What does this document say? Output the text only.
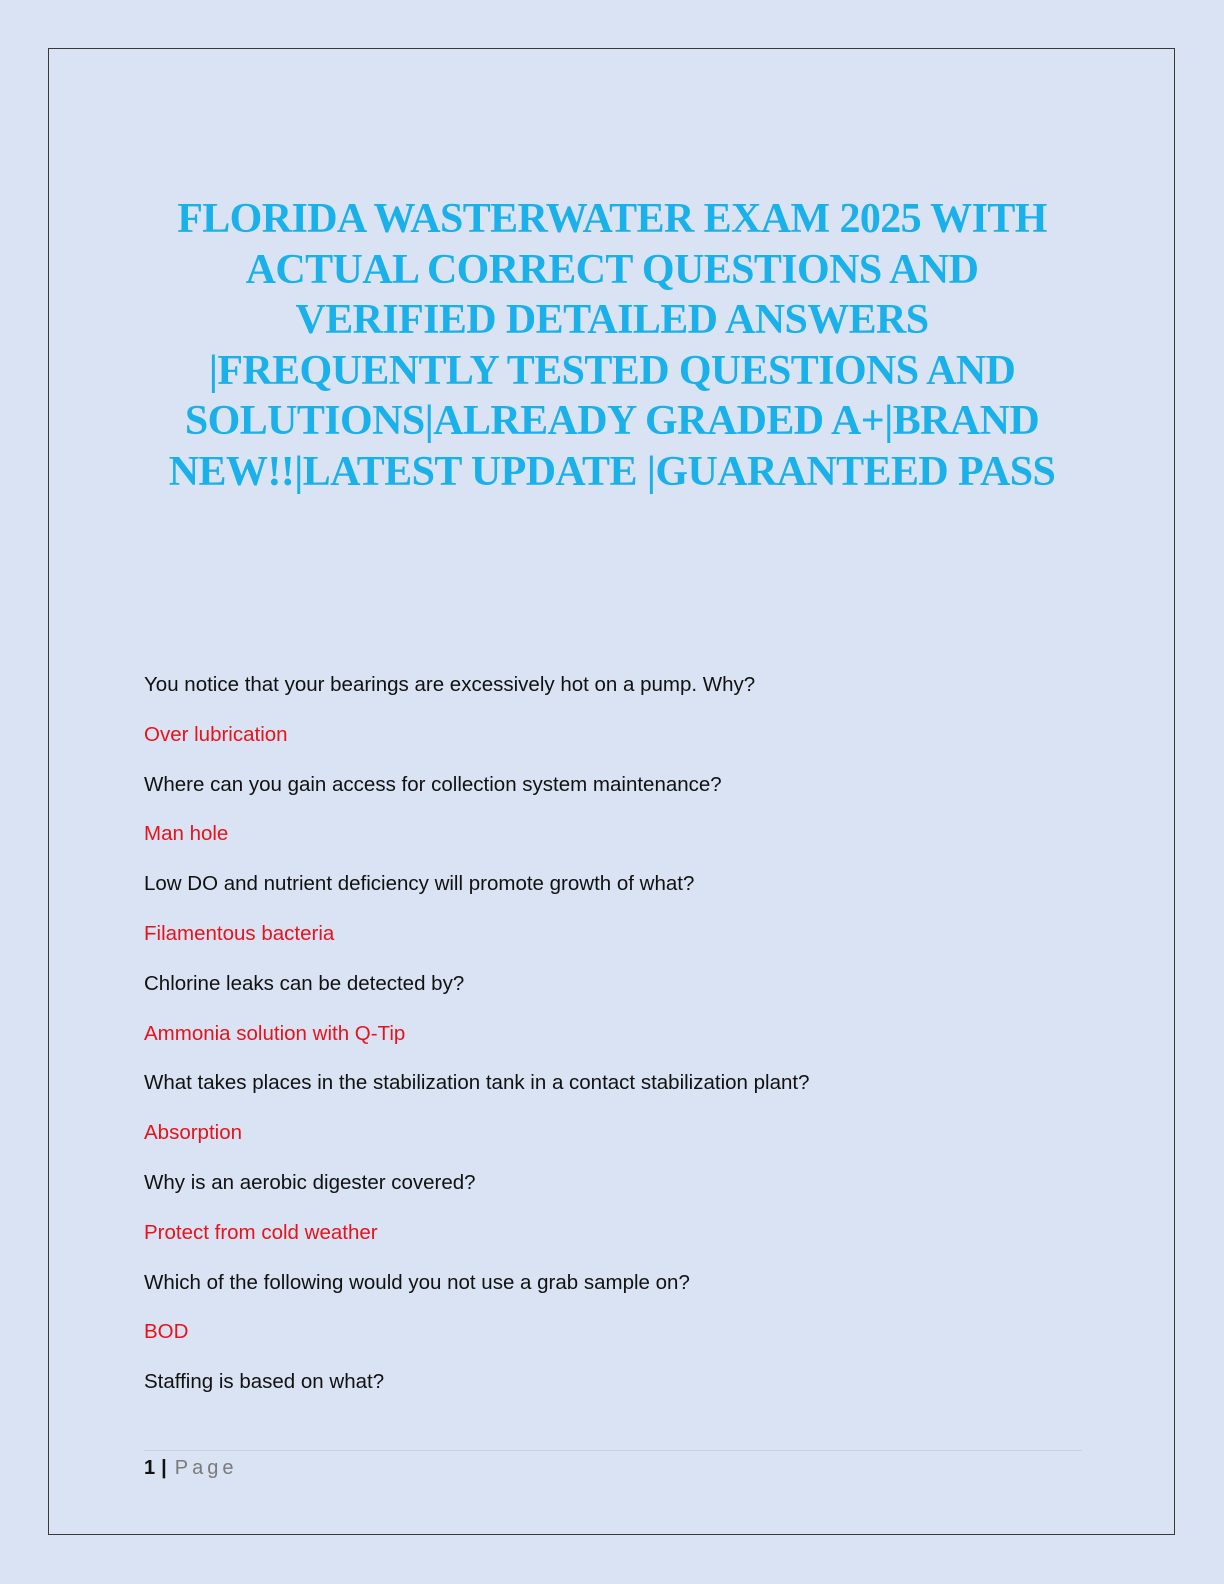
FLORIDA WASTERWATER EXAM 2025 WITH
ACTUAL CORRECT QUESTIONS AND
VERIFIED DETAILED ANSWERS
|FREQUENTLY TESTED QUESTIONS AND
SOLUTIONS|ALREADY GRADED A+|BRAND
NEW!!|LATEST UPDATE |GUARANTEED PASS
You notice that your bearings are excessively hot on a pump. Why?
Over lubrication
Where can you gain access for collection system maintenance?
Man hole
Low DO and nutrient deficiency will promote growth of what?
Filamentous bacteria
Chlorine leaks can be detected by?
Ammonia solution with Q-Tip
What takes places in the stabilization tank in a contact stabilization plant?
Absorption
Why is an aerobic digester covered?
Protect from cold weather
Which of the following would you not use a grab sample on?
BOD
Staffing is based on what?
1 | Page
